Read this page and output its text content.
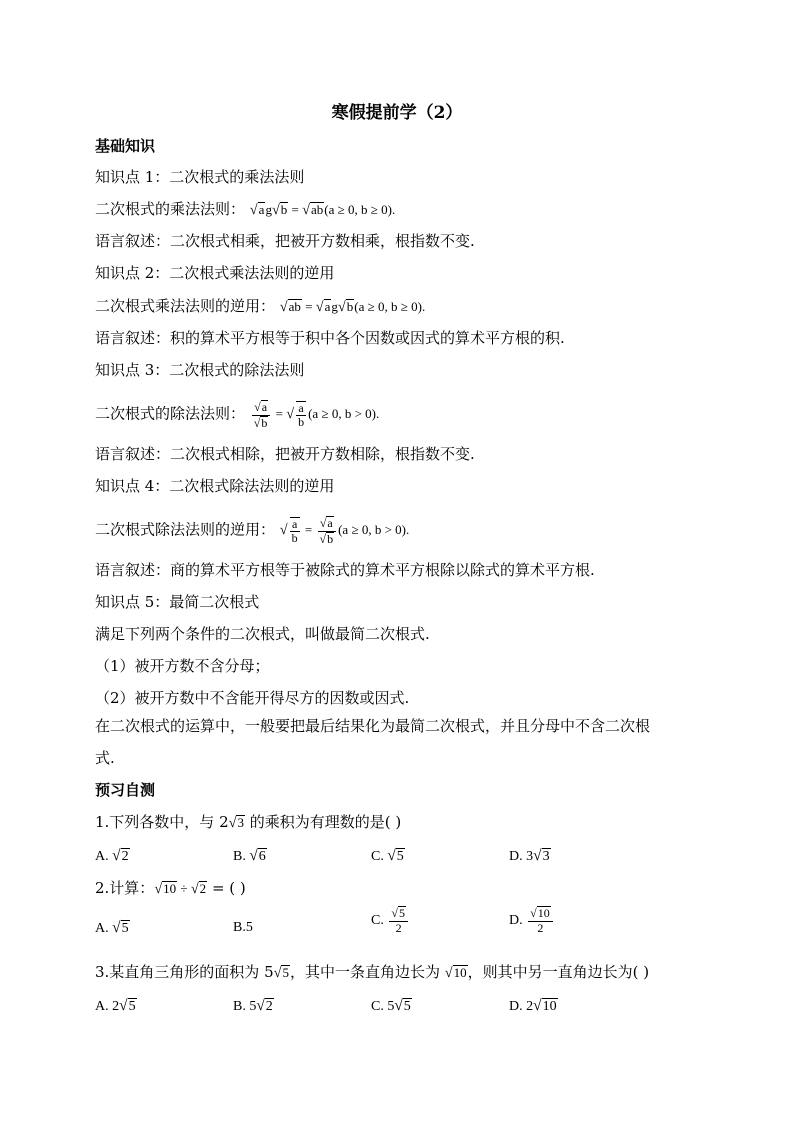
寒假提前学（2）
基础知识
知识点 1：二次根式的乘法法则
二次根式的乘法法则： √ag√b = √ab(a ≥ 0, b ≥ 0).
语言叙述：二次根式相乘，把被开方数相乘，根指数不变.
知识点 2：二次根式乘法法则的逆用
二次根式乘法法则的逆用： √ab = √ag√b(a ≥ 0, b ≥ 0).
语言叙述：积的算术平方根等于积中各个因数或因式的算术平方根的积.
知识点 3：二次根式的除法法则
二次根式的除法法则： $\frac{√a}{√b}$ = √ $\frac{a}{b} (a \ge 0$, b > 0).
语言叙述：二次根式相除，把被开方数相除，根指数不变.
知识点 4：二次根式除法法则的逆用
二次根式除法法则的逆用： √ $\frac{a}{b} = \frac{√a}{√b} (a \ge 0$, b > 0).
语言叙述：商的算术平方根等于被除式的算术平方根除以除式的算术平方根.
知识点 5：最简二次根式
满足下列两个条件的二次根式，叫做最简二次根式.
（1）被开方数不含分母；
（2）被开方数中不含能开得尽方的因数或因式.
在二次根式的运算中，一般要把最后结果化为最简二次根式，并且分母中不含二次根
式.
预习自测
1.下列各数中，与 2√3 的乘积为有理数的是( )
A. √2	B. √6	C. √5	D. 3√3
2.计算：√10 ÷ √2 = ( )
A. √5	B.5	C. $\frac{√5}{2}$	D. $\frac{√10}{2}$
3.某直角三角形的面积为 5√5，其中一条直角边长为 √10，则其中另一直角边长为( )
A. 2√5	B. 5√2	C. 5√5	D. 2√10
